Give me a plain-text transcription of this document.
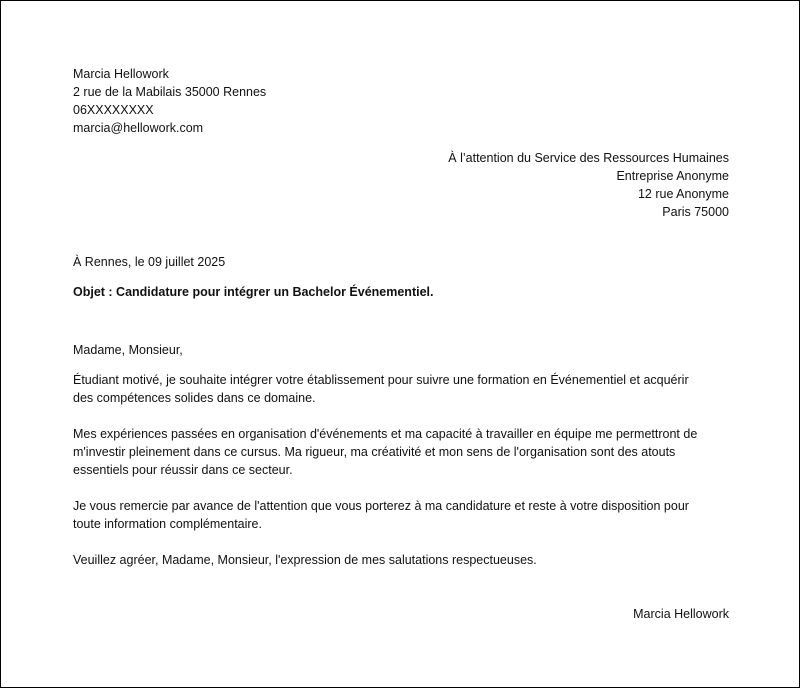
Marcia Hellowork
2 rue de la Mabilais 35000 Rennes
06XXXXXXXX
marcia@hellowork.com
À l’attention du Service des Ressources Humaines
Entreprise Anonyme
12 rue Anonyme
Paris 75000
À Rennes, le 09 juillet 2025
Objet : Candidature pour intégrer un Bachelor Événementiel.
Madame, Monsieur,
Étudiant motivé, je souhaite intégrer votre établissement pour suivre une formation en Événementiel et acquérir
des compétences solides dans ce domaine.
Mes expériences passées en organisation d'événements et ma capacité à travailler en équipe me permettront de
m'investir pleinement dans ce cursus. Ma rigueur, ma créativité et mon sens de l'organisation sont des atouts
essentiels pour réussir dans ce secteur.
Je vous remercie par avance de l'attention que vous porterez à ma candidature et reste à votre disposition pour
toute information complémentaire.
Veuillez agréer, Madame, Monsieur, l'expression de mes salutations respectueuses.
Marcia Hellowork
